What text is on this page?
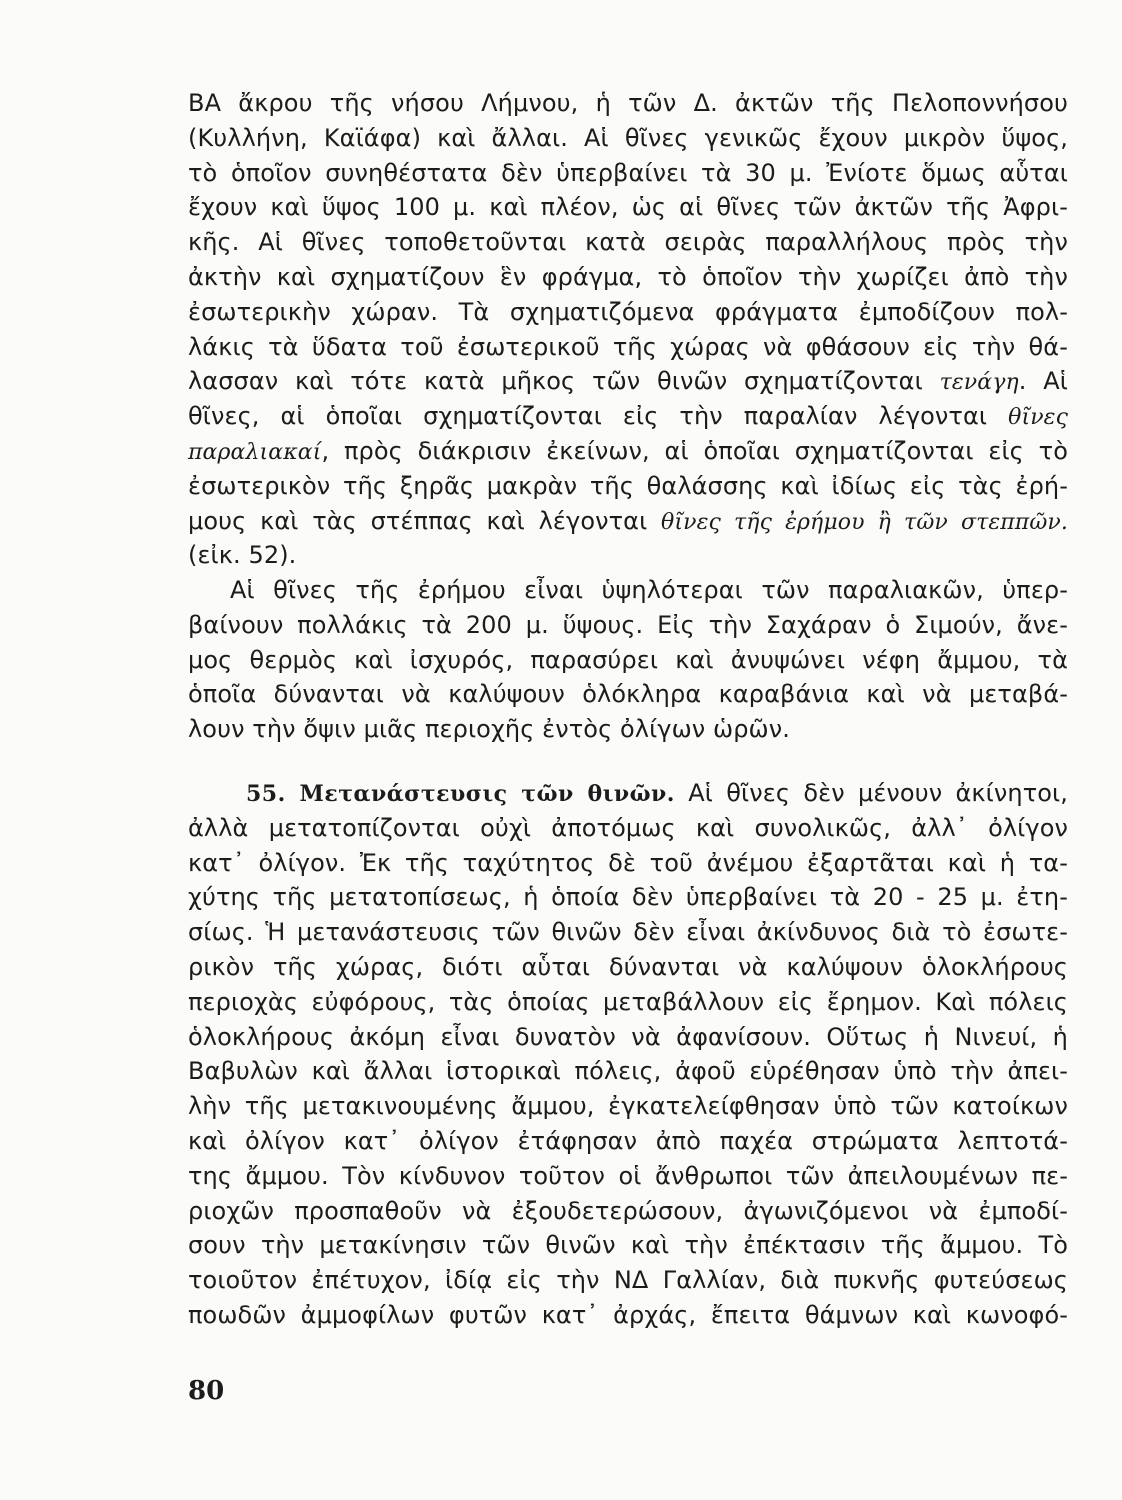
ΒΑ ἄκρου τῆς νήσου Λήμνου, ἡ τῶν Δ. ἀκτῶν τῆς Πελοποννήσου
(Κυλλήνη, Καϊάφα) καὶ ἄλλαι. Αἱ θῖνες γενικῶς ἔχουν μικρὸν ὕψος,
τὸ ὁποῖον συνηθέστατα δὲν ὑπερβαίνει τὰ 30 μ. Ἐνίοτε ὅμως αὗται
ἔχουν καὶ ὕψος 100 μ. καὶ πλέον, ὡς αἱ θῖνες τῶν ἀκτῶν τῆς Ἀφρι-
κῆς. Αἱ θῖνες τοποθετοῦνται κατὰ σειρὰς παραλλήλους πρὸς τὴν
ἀκτὴν καὶ σχηματίζουν ἓν φράγμα, τὸ ὁποῖον τὴν χωρίζει ἀπὸ τὴν
ἐσωτερικὴν χώραν. Τὰ σχηματιζόμενα φράγματα ἐμποδίζουν πολ-
λάκις τὰ ὕδατα τοῦ ἐσωτερικοῦ τῆς χώρας νὰ φθάσουν εἰς τὴν θά-
λασσαν καὶ τότε κατὰ μῆκος τῶν θινῶν σχηματίζονται τενάγη. Αἱ
θῖνες, αἱ ὁποῖαι σχηματίζονται εἰς τὴν παραλίαν λέγονται θῖνες
παραλιακαί, πρὸς διάκρισιν ἐκείνων, αἱ ὁποῖαι σχηματίζονται εἰς τὸ
ἐσωτερικὸν τῆς ξηρᾶς μακρὰν τῆς θαλάσσης καὶ ἰδίως εἰς τὰς ἐρή-
μους καὶ τὰς στέππας καὶ λέγονται θῖνες τῆς ἐρήμου ἢ τῶν στεππῶν.
(εἰκ. 52).
Αἱ θῖνες τῆς ἐρήμου εἶναι ὑψηλότεραι τῶν παραλιακῶν, ὑπερ-
βαίνουν πολλάκις τὰ 200 μ. ὕψους. Εἰς τὴν Σαχάραν ὁ Σιμούν, ἄνε-
μος θερμὸς καὶ ἰσχυρός, παρασύρει καὶ ἀνυψώνει νέφη ἄμμου, τὰ
ὁποῖα δύνανται νὰ καλύψουν ὁλόκληρα καραβάνια καὶ νὰ μεταβά-
λουν τὴν ὄψιν μιᾶς περιοχῆς ἐντὸς ὀλίγων ὡρῶν.
55. Μετανάστευσις τῶν θινῶν. Αἱ θῖνες δὲν μένουν ἀκίνητοι,
ἀλλὰ μετατοπίζονται οὐχὶ ἀποτόμως καὶ συνολικῶς, ἀλλ᾽ ὀλίγον
κατ᾽ ὀλίγον. Ἐκ τῆς ταχύτητος δὲ τοῦ ἀνέμου ἐξαρτᾶται καὶ ἡ τα-
χύτης τῆς μετατοπίσεως, ἡ ὁποία δὲν ὑπερβαίνει τὰ 20 - 25 μ. ἐτη-
σίως. Ἡ μετανάστευσις τῶν θινῶν δὲν εἶναι ἀκίνδυνος διὰ τὸ ἐσωτε-
ρικὸν τῆς χώρας, διότι αὗται δύνανται νὰ καλύψουν ὁλοκλήρους
περιοχὰς εὐφόρους, τὰς ὁποίας μεταβάλλουν εἰς ἔρημον. Καὶ πόλεις
ὁλοκλήρους ἀκόμη εἶναι δυνατὸν νὰ ἀφανίσουν. Οὕτως ἡ Νινευί, ἡ
Βαβυλὼν καὶ ἄλλαι ἱστορικαὶ πόλεις, ἀφοῦ εὑρέθησαν ὑπὸ τὴν ἀπει-
λὴν τῆς μετακινουμένης ἄμμου, ἐγκατελείφθησαν ὑπὸ τῶν κατοίκων
καὶ ὀλίγον κατ᾽ ὀλίγον ἐτάφησαν ἀπὸ παχέα στρώματα λεπτοτά-
της ἄμμου. Τὸν κίνδυνον τοῦτον οἱ ἄνθρωποι τῶν ἀπειλουμένων πε-
ριοχῶν προσπαθοῦν νὰ ἐξουδετερώσουν, ἀγωνιζόμενοι νὰ ἐμποδί-
σουν τὴν μετακίνησιν τῶν θινῶν καὶ τὴν ἐπέκτασιν τῆς ἄμμου. Τὸ
τοιοῦτον ἐπέτυχον, ἰδίᾳ εἰς τὴν ΝΔ Γαλλίαν, διὰ πυκνῆς φυτεύσεως
ποωδῶν ἀμμοφίλων φυτῶν κατ᾽ ἀρχάς, ἔπειτα θάμνων καὶ κωνοφό-
80
